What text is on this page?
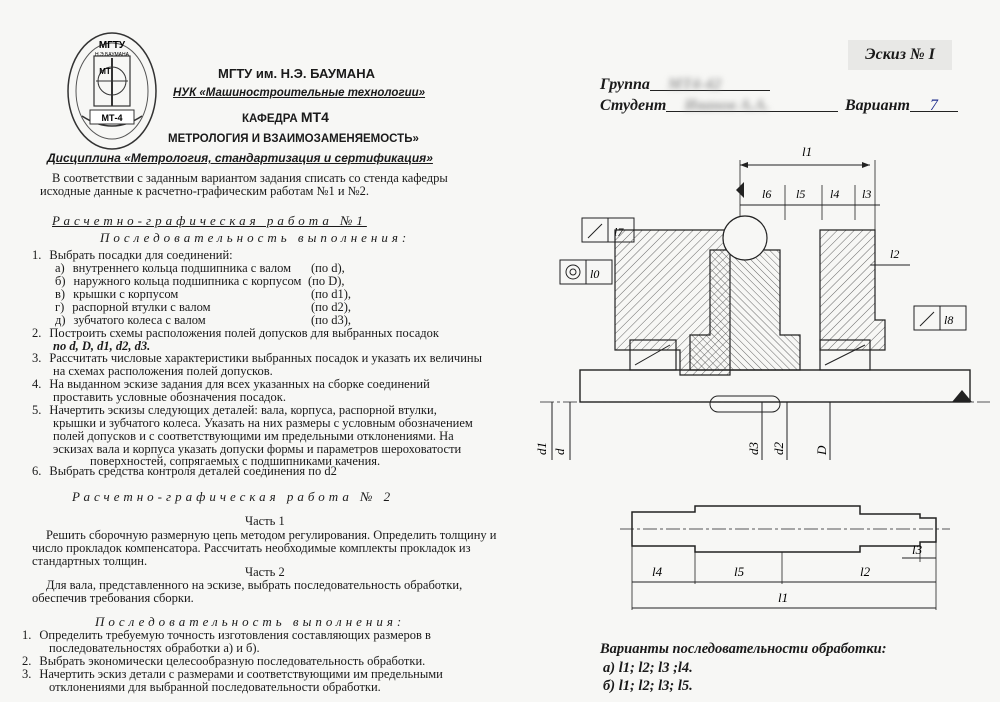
МГТУ
Н.Э.БАУМАНА
МТ
МТ-4
МГТУ им. Н.Э. БАУМАНА
НУК «Машиностроительные технологии»
КАФЕДРА МТ4
МЕТРОЛОГИЯ И ВЗАИМОЗАМЕНЯЕМОСТЬ»
Дисциплина «Метрология, стандартизация и сертификация»
Эскиз № I
Группа МТ4-42
Студент Иванов А.А.	Вариант 7
В соответствии с заданным вариантом задания списать со стенда кафедры
исходные данные к расчетно-графическим работам №1 и №2.
Расчетно-графическая работа №1
Последовательность выполнения:
1. Выбрать посадки для соединений:
а) внутреннего кольца подшипника с валом (по d),
б) наружного кольца подшипника с корпусом (по D),
в) крышки с корпусом	(по d1),
г) распорной втулки с валом	(по d2),
д) зубчатого колеса с валом	(по d3),
2. Построить схемы расположения полей допусков для выбранных посадок
по d, D, d1, d2, d3.
3. Рассчитать числовые характеристики выбранных посадок и указать их величины
на схемах расположения полей допусков.
4. На выданном эскизе задания для всех указанных на сборке соединений
проставить условные обозначения посадок.
5. Начертить эскизы следующих деталей: вала, корпуса, распорной втулки,
крышки и зубчатого колеса. Указать на них размеры с условным обозначением
полей допусков и с соответствующими им предельными отклонениями. На
эскизах вала и корпуса указать допуски формы и параметров шероховатости
поверхностей, сопрягаемых с подшипниками качения.
6. Выбрать средства контроля деталей соединения по d2
Расчетно-графическая работа № 2
Часть 1
Решить сборочную размерную цепь методом регулирования. Определить толщину и
число прокладок компенсатора. Рассчитать необходимые комплекты прокладок из
стандартных толщин.
Часть 2
Для вала, представленного на эскизе, выбрать последовательность обработки,
обеспечив требования сборки.
Последовательность выполнения:
1. Определить требуемую точность изготовления составляющих размеров в
последовательностях обработки а) и б).
2. Выбрать экономически целесообразную последовательность обработки.
3. Начертить эскиз детали с размерами и соответствующими им предельными
отклонениями для выбранной последовательности обработки.
l1
l6 l5 l4 l3
l0
l8
l2
d1 d	d3 d2 D
l4	l5	l2
l3
l1
Варианты последовательности обработки:
а) l1; l2; l3 ;l4.
б) l1; l2; l3; l5.
